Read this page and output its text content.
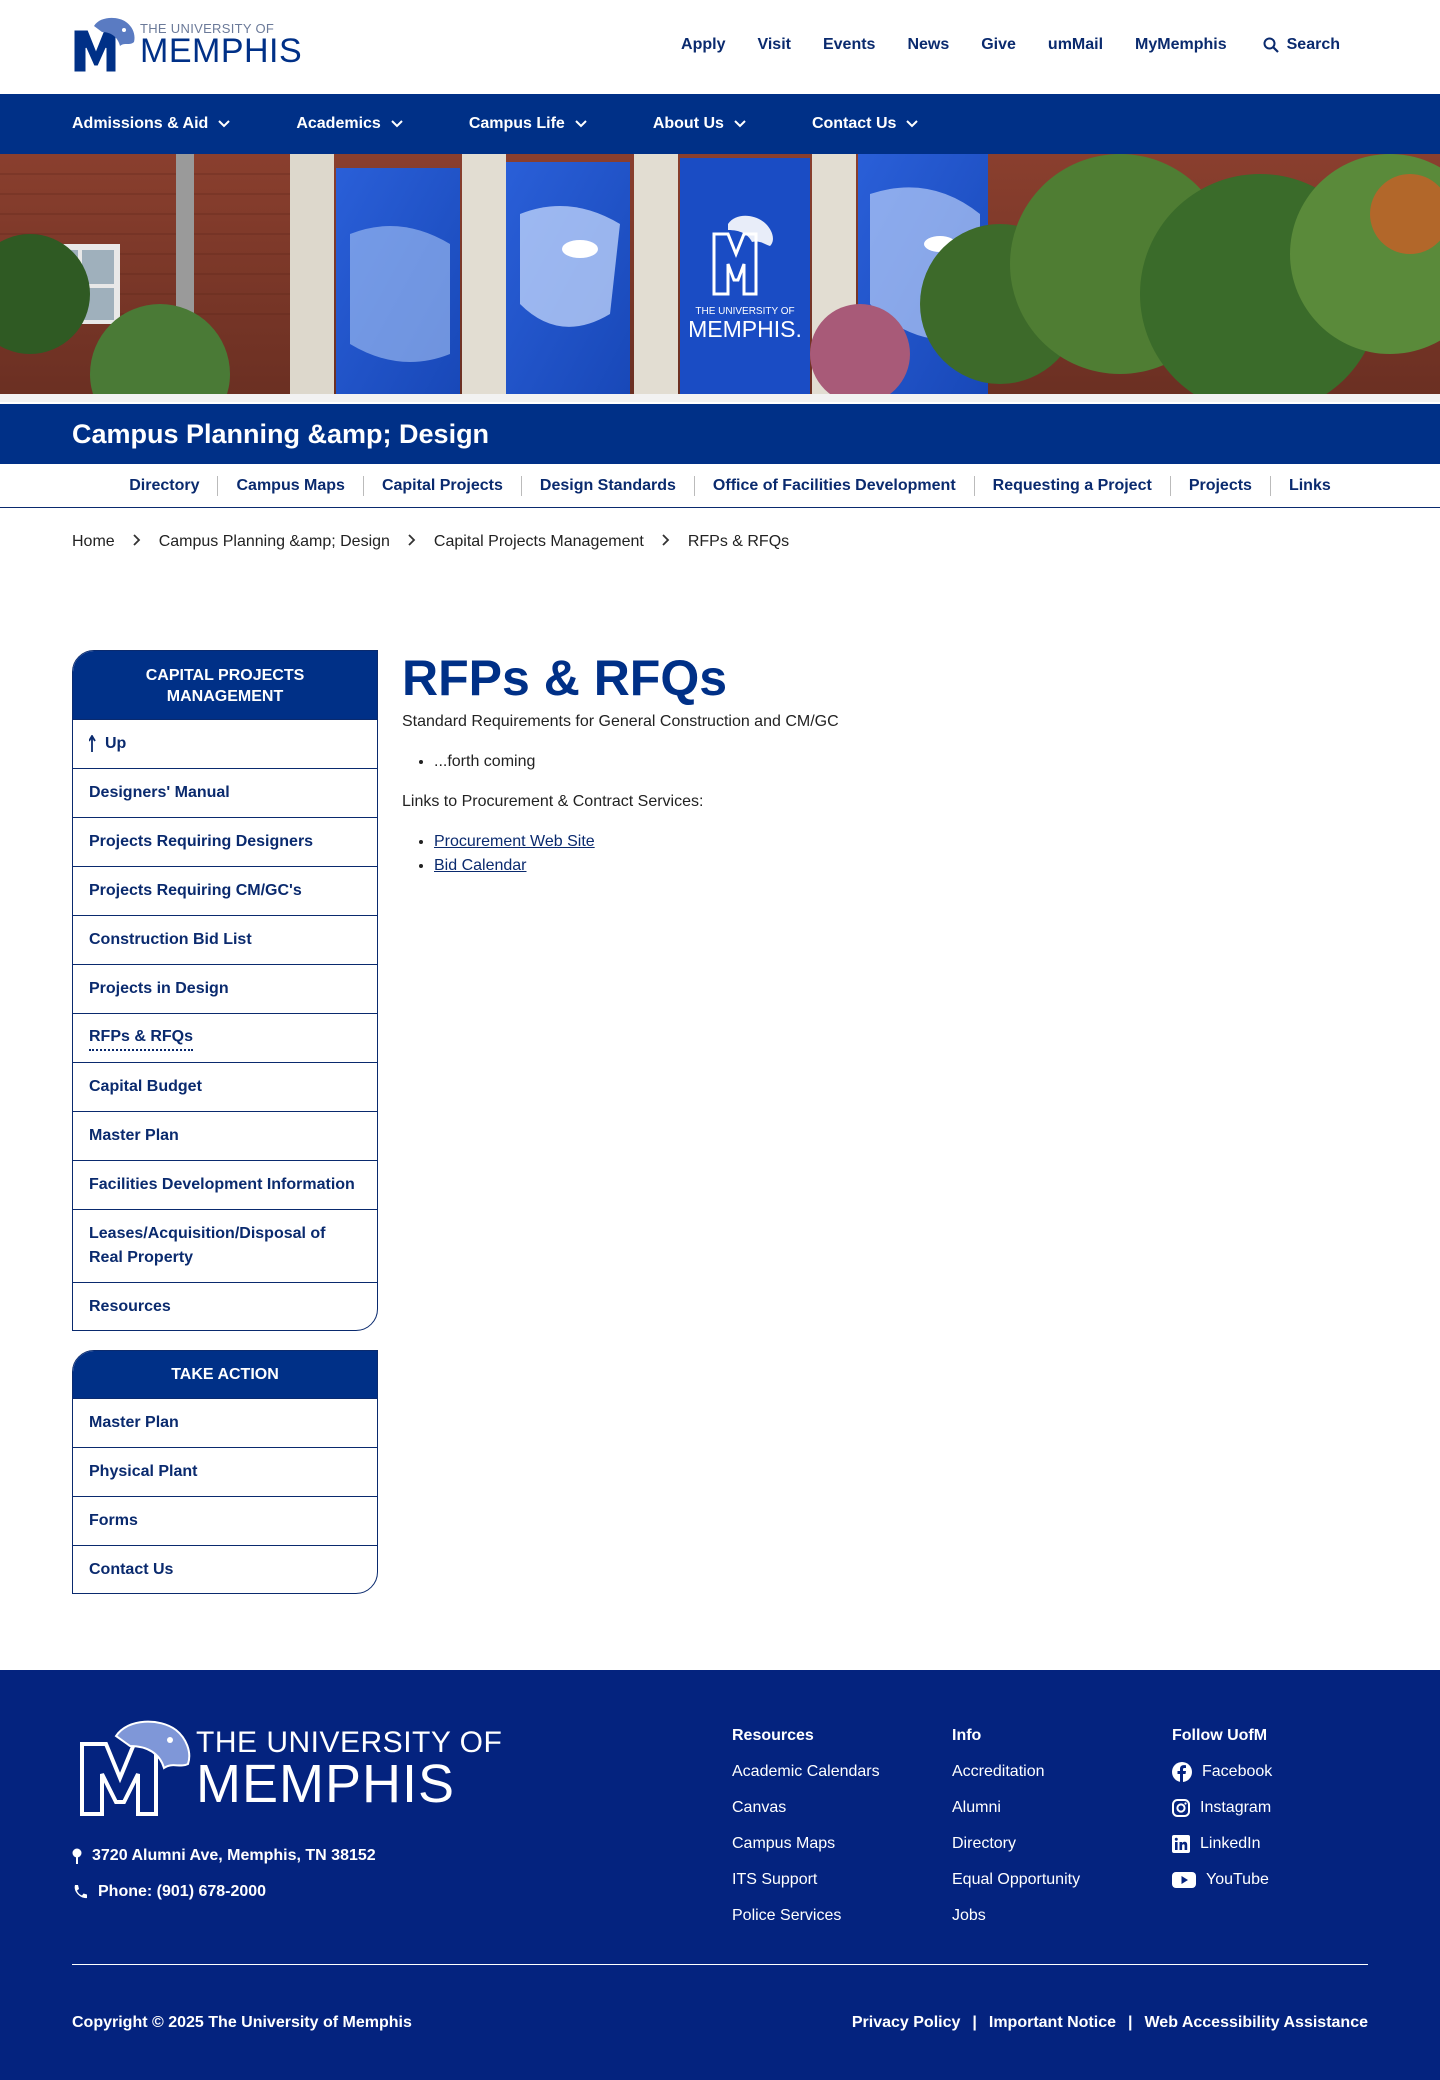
THE UNIVERSITY OF
MEMPHIS	Apply Visit Events News Give umMail MyMemphis	Search
Admissions & Aid	Academics	Campus Life	About Us	Contact Us
THE UNIVERSITY OF
MEMPHIS.
Campus Planning &amp; Design
Directory	Campus Maps	Capital Projects	Design Standards	Office of Facilities Development	Requesting a Project	Projects	Links
Home	Campus Planning &amp; Design	Capital Projects Management	RFPs & RFQs
CAPITAL PROJECTS MANAGEMENT
Up
Designers' Manual
Projects Requiring Designers
Projects Requiring CM/GC's
Construction Bid List
Projects in Design
RFPs & RFQs
Capital Budget
Master Plan
Facilities Development Information
Leases/Acquisition/Disposal of Real Property
Resources
TAKE ACTION
Master Plan
Physical Plant
Forms
Contact Us
RFPs & RFQs

Standard Requirements for General Construction and CM/GC

• ...forth coming

Links to Procurement & Contract Services:

• Procurement Web Site
• Bid Calendar
THE UNIVERSITY OF
MEMPHIS
3720 Alumni Ave, Memphis, TN 38152
Phone: (901) 678-2000
Resources
Academic Calendars
Canvas
Campus Maps
ITS Support
Police Services
Info
Accreditation
Alumni
Directory
Equal Opportunity
Jobs
Follow UofM
Facebook
Instagram
LinkedIn
YouTube
Copyright © 2025 The University of Memphis	Privacy Policy | Important Notice | Web Accessibility Assistance
